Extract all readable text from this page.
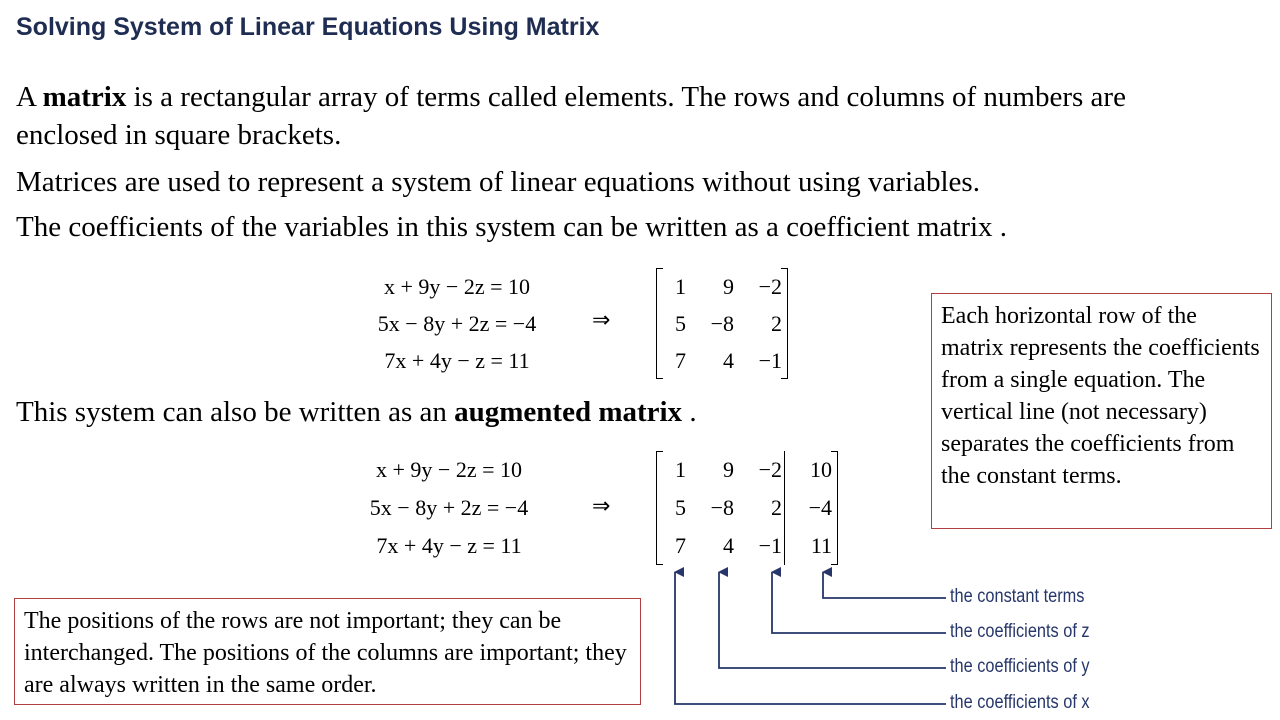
Solving System of Linear Equations Using Matrix
A matrix is a rectangular array of terms called elements. The rows and columns of numbers are enclosed in square brackets.
Matrices are used to represent a system of linear equations without using variables.
The coefficients of the variables in this system can be written as a coefficient matrix .
x + 9y − 2z = 10
5x − 8y + 2z = −4
7x + 4y − z = 11
⇒
1	9	−2
5	−8	2
7	4	−1
This system can also be written as an augmented matrix .
x + 9y − 2z = 10
5x − 8y + 2z = −4
7x + 4y − z = 11
⇒
1	9	−2	10
5	−8	2	−4
7	4	−1	11
the constant terms
the coefficients of z
the coefficients of y
the coefficients of x
Each horizontal row of the matrix represents the coefficients from a single equation. The vertical line (not necessary) separates the coefficients from the constant terms.
The positions of the rows are not important; they can be interchanged. The positions of the columns are important; they are always written in the same order.
